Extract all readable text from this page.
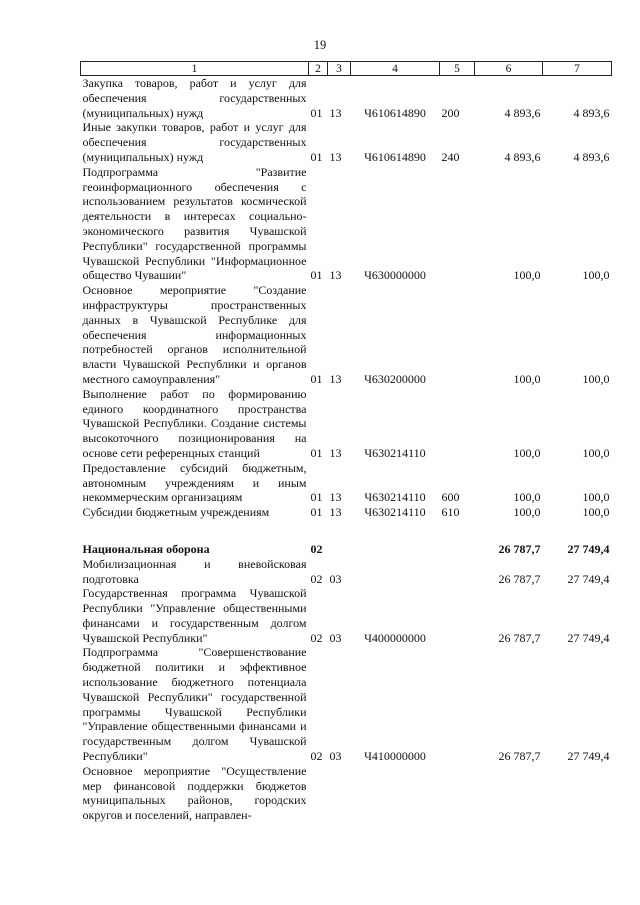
19
1	2	3	4	5	6	7
Закупка товаров, работ и услуг для обеспечения государственных (муниципальных) нужд	01	13	Ч610614890	200	4 893,6	4 893,6
Иные закупки товаров, работ и услуг для обеспечения государственных (муниципальных) нужд	01	13	Ч610614890	240	4 893,6	4 893,6
Подпрограмма "Развитие геоинформационного обеспечения с использованием результатов космической деятельности в интересах социально-экономического развития Чувашской Республики" государственной программы Чувашской Республики "Информационное общество Чувашии"	01	13	Ч630000000		100,0	100,0
Основное мероприятие "Создание инфраструктуры пространственных данных в Чувашской Республике для обеспечения информационных потребностей органов исполнительной власти Чувашской Республики и органов местного самоуправления"	01	13	Ч630200000		100,0	100,0
Выполнение работ по формированию единого координатного пространства Чувашской Республики. Создание системы высокоточного позиционирования на основе сети референцных станций	01	13	Ч630214110		100,0	100,0
Предоставление субсидий бюджетным, автономным учреждениям и иным некоммерческим организациям	01	13	Ч630214110	600	100,0	100,0
Субсидии бюджетным учреждениям	01	13	Ч630214110	610	100,0	100,0

Национальная оборона	02				26 787,7	27 749,4
Мобилизационная и вневойсковая подготовка	02	03			26 787,7	27 749,4
Государственная программа Чувашской Республики "Управление общественными финансами и государственным долгом Чувашской Республики"	02	03	Ч400000000		26 787,7	27 749,4
Подпрограмма "Совершенствование бюджетной политики и эффективное использование бюджетного потенциала Чувашской Республики" государственной программы Чувашской Республики "Управление общественными финансами и государственным долгом Чувашской Республики"	02	03	Ч410000000		26 787,7	27 749,4
Основное мероприятие "Осуществление мер финансовой поддержки бюджетов муниципальных районов, городских округов и поселений, направлен-						
